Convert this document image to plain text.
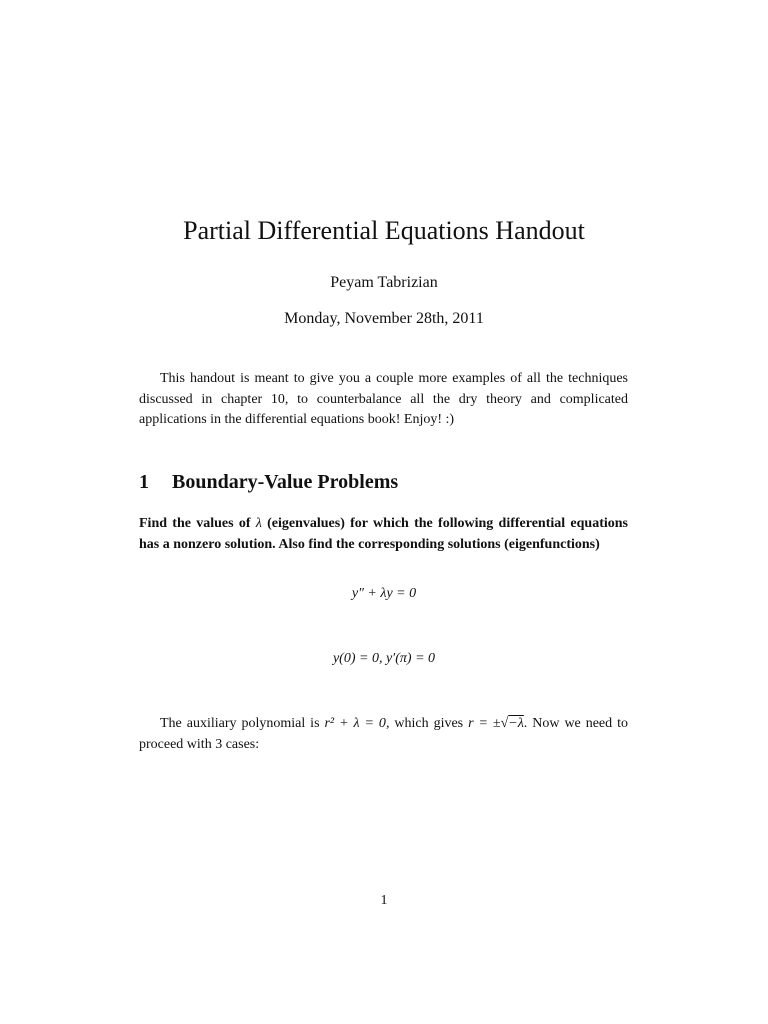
Partial Differential Equations Handout
Peyam Tabrizian
Monday, November 28th, 2011

This handout is meant to give you a couple more examples of all the techniques discussed in chapter 10, to counterbalance all the dry theory and complicated applications in the differential equations book! Enjoy! :)

1 Boundary-Value Problems

Find the values of λ (eigenvalues) for which the following differential equations has a nonzero solution. Also find the corresponding solutions (eigenfunctions)

y″ + λy = 0
y(0) = 0, y′(π) = 0

The auxiliary polynomial is r² + λ = 0, which gives r = ±√−λ. Now we need to proceed with 3 cases:

1
